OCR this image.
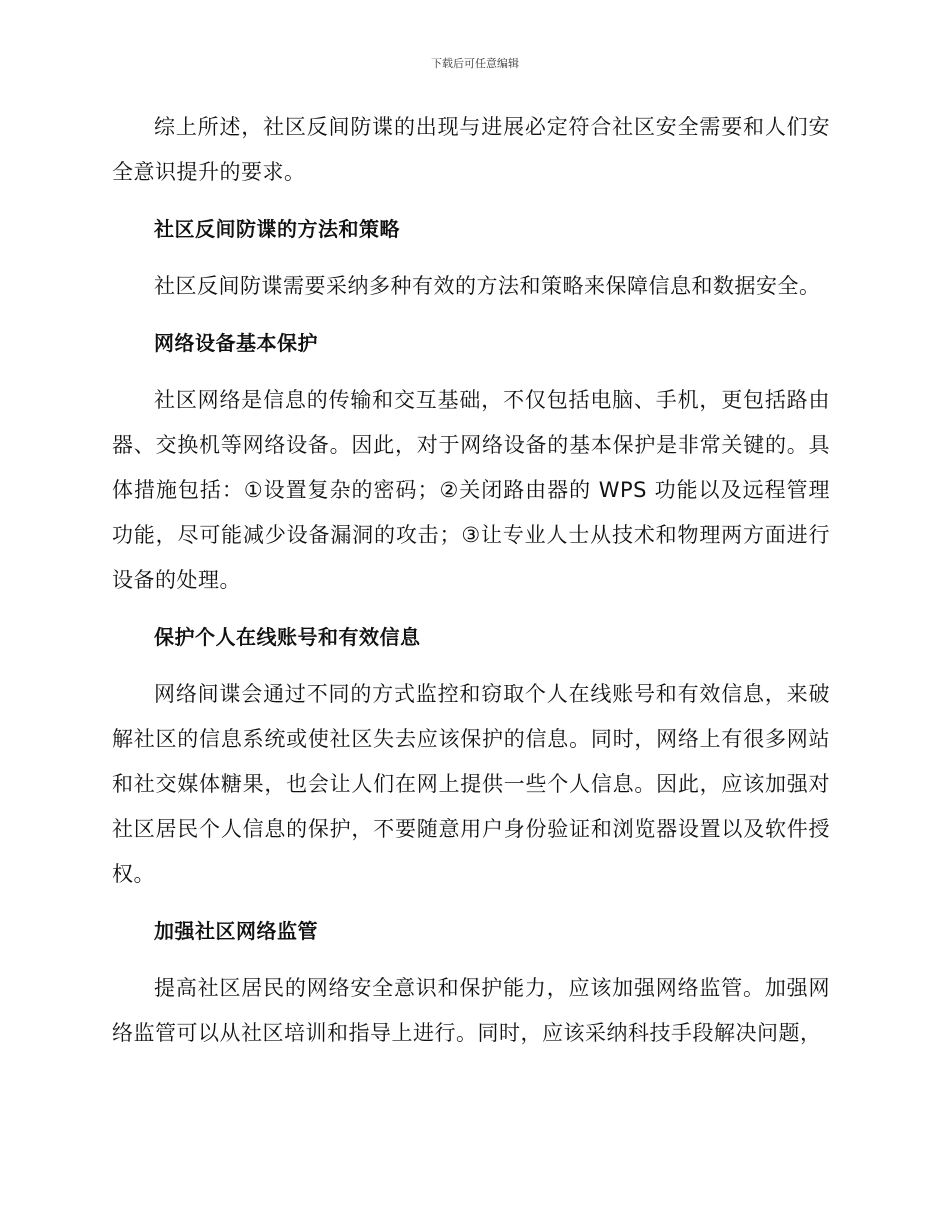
下载后可任意编辑

综上所述，社区反间防谍的出现与进展必定符合社区安全需要和人们安全意识提升的要求。

社区反间防谍的方法和策略

社区反间防谍需要采纳多种有效的方法和策略来保障信息和数据安全。

网络设备基本保护

社区网络是信息的传输和交互基础，不仅包括电脑、手机，更包括路由器、交换机等网络设备。因此，对于网络设备的基本保护是非常关键的。具体措施包括：①设置复杂的密码；②关闭路由器的 WPS 功能以及远程管理功能，尽可能减少设备漏洞的攻击；③让专业人士从技术和物理两方面进行设备的处理。

保护个人在线账号和有效信息

网络间谍会通过不同的方式监控和窃取个人在线账号和有效信息，来破解社区的信息系统或使社区失去应该保护的信息。同时，网络上有很多网站和社交媒体糖果，也会让人们在网上提供一些个人信息。因此，应该加强对社区居民个人信息的保护，不要随意用户身份验证和浏览器设置以及软件授权。

加强社区网络监管

提高社区居民的网络安全意识和保护能力，应该加强网络监管。加强网络监管可以从社区培训和指导上进行。同时，应该采纳科技手段解决问题，
